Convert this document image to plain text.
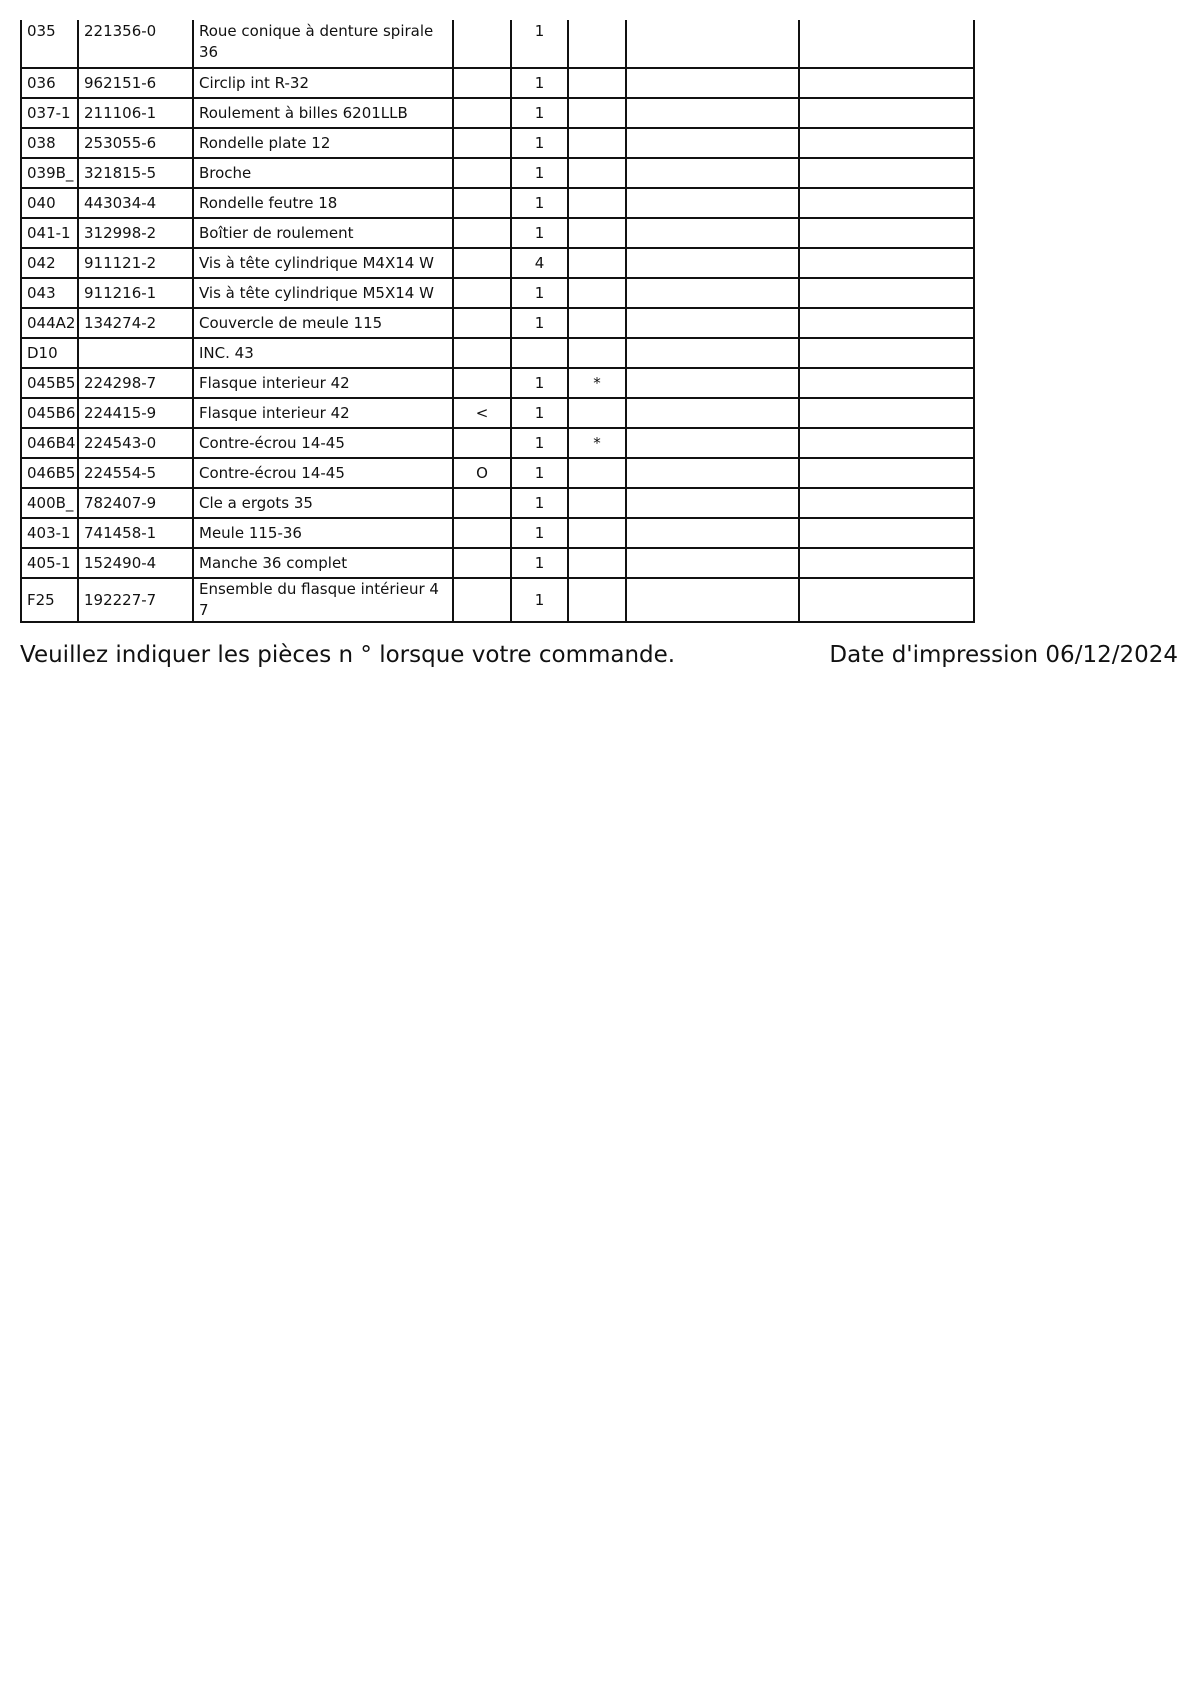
035	221356-0	Roue conique à denture spirale 36		1			
036	962151-6	Circlip int R-32		1			
037-1	211106-1	Roulement à billes 6201LLB		1			
038	253055-6	Rondelle plate 12		1			
039B_	321815-5	Broche		1			
040	443034-4	Rondelle feutre 18		1			
041-1	312998-2	Boîtier de roulement		1			
042	911121-2	Vis à tête cylindrique M4X14 W		4			
043	911216-1	Vis à tête cylindrique M5X14 W		1			
044A2	134274-2	Couvercle de meule 115		1			
D10		INC. 43					
045B5	224298-7	Flasque interieur 42		1	*		
045B6	224415-9	Flasque interieur 42	<	1			
046B4	224543-0	Contre-écrou 14-45		1	*		
046B5	224554-5	Contre-écrou 14-45	O	1			
400B_	782407-9	Cle a ergots 35		1			
403-1	741458-1	Meule 115-36		1			
405-1	152490-4	Manche 36 complet		1			
F25	192227-7	Ensemble du flasque intérieur 47		1			
Veuillez indiquer les pièces n ° lorsque votre commande.	Date d'impression 06/12/2024
